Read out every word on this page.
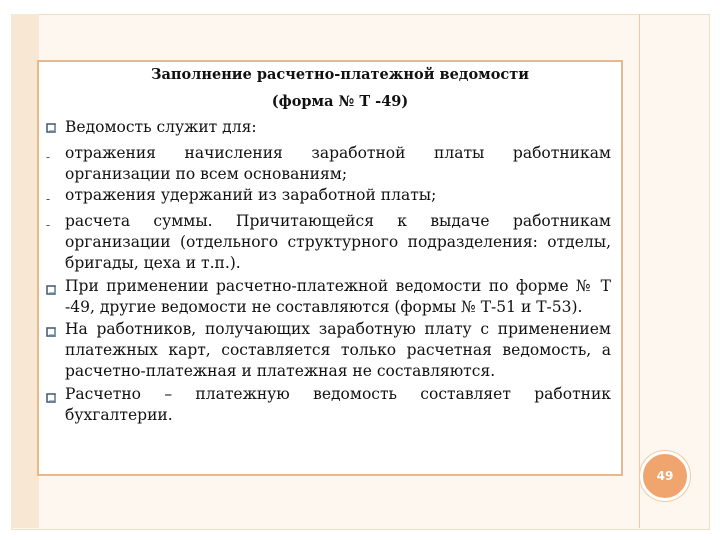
Заполнение расчетно-платежной ведомости
(форма № Т -49)
Ведомость служит для:
- отражения начисления заработной платы работникам организации по всем основаниям;
- отражения удержаний из заработной платы;
- расчета суммы. Причитающейся к выдаче работникам организации (отдельного структурного подразделения: отделы, бригады, цеха и т.п.).
При применении расчетно-платежной ведомости по форме № Т -49, другие ведомости не составляются (формы № Т-51 и Т-53).
На работников, получающих заработную плату с применением платежных карт, составляется только расчетная ведомость, а расчетно-платежная и платежная не составляются.
Расчетно – платежную ведомость составляет работник бухгалтерии.
49
